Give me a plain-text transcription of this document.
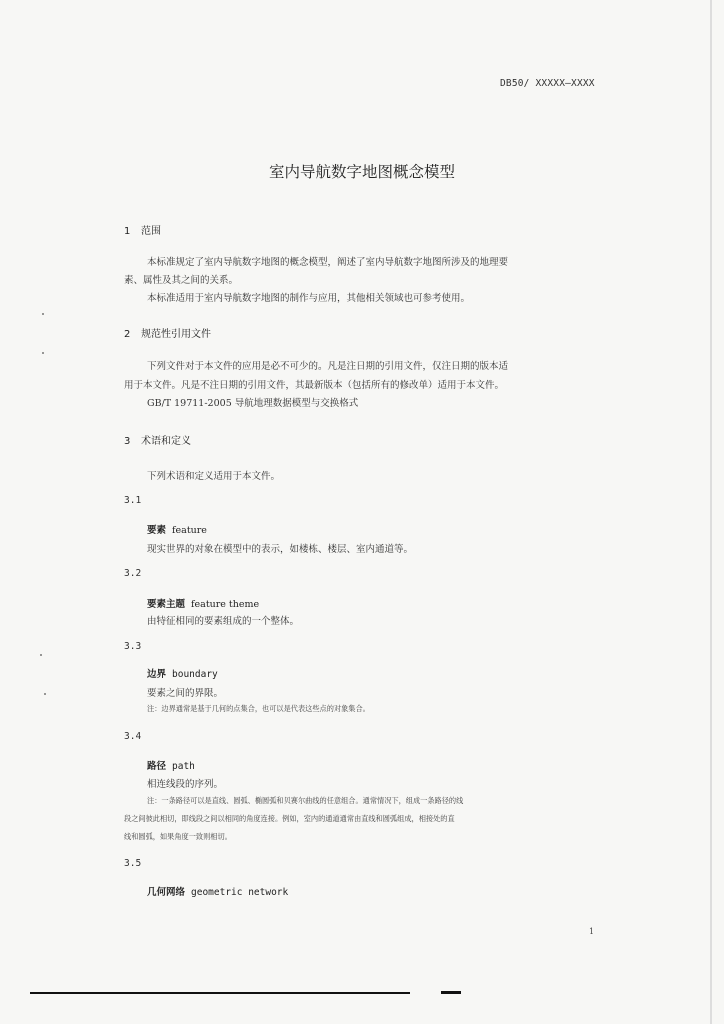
DB50/ XXXXX—XXXX
室内导航数字地图概念模型
1 范围
本标准规定了室内导航数字地图的概念模型，阐述了室内导航数字地图所涉及的地理要
素、属性及其之间的关系。
本标准适用于室内导航数字地图的制作与应用，其他相关领域也可参考使用。
2 规范性引用文件
下列文件对于本文件的应用是必不可少的。凡是注日期的引用文件，仅注日期的版本适
用于本文件。凡是不注日期的引用文件，其最新版本（包括所有的修改单）适用于本文件。
GB/T 19711-2005 导航地理数据模型与交换格式
3 术语和定义
下列术语和定义适用于本文件。
3.1
要素 feature
现实世界的对象在模型中的表示，如楼栋、楼层、室内通道等。
3.2
要素主题 feature theme
由特征相同的要素组成的一个整体。
3.3
边界 boundary
要素之间的界限。
注：边界通常是基于几何的点集合，也可以是代表这些点的对象集合。
3.4
路径 path
相连线段的序列。
注：一条路径可以是直线、圆弧、椭圆弧和贝赛尔曲线的任意组合。通常情况下，组成一条路径的线
段之间彼此相切，即线段之间以相同的角度连接。例如，室内的通道通常由直线和圆弧组成，相接处的直
线和圆弧，如果角度一致则相切。
3.5
几何网络 geometric network
1
